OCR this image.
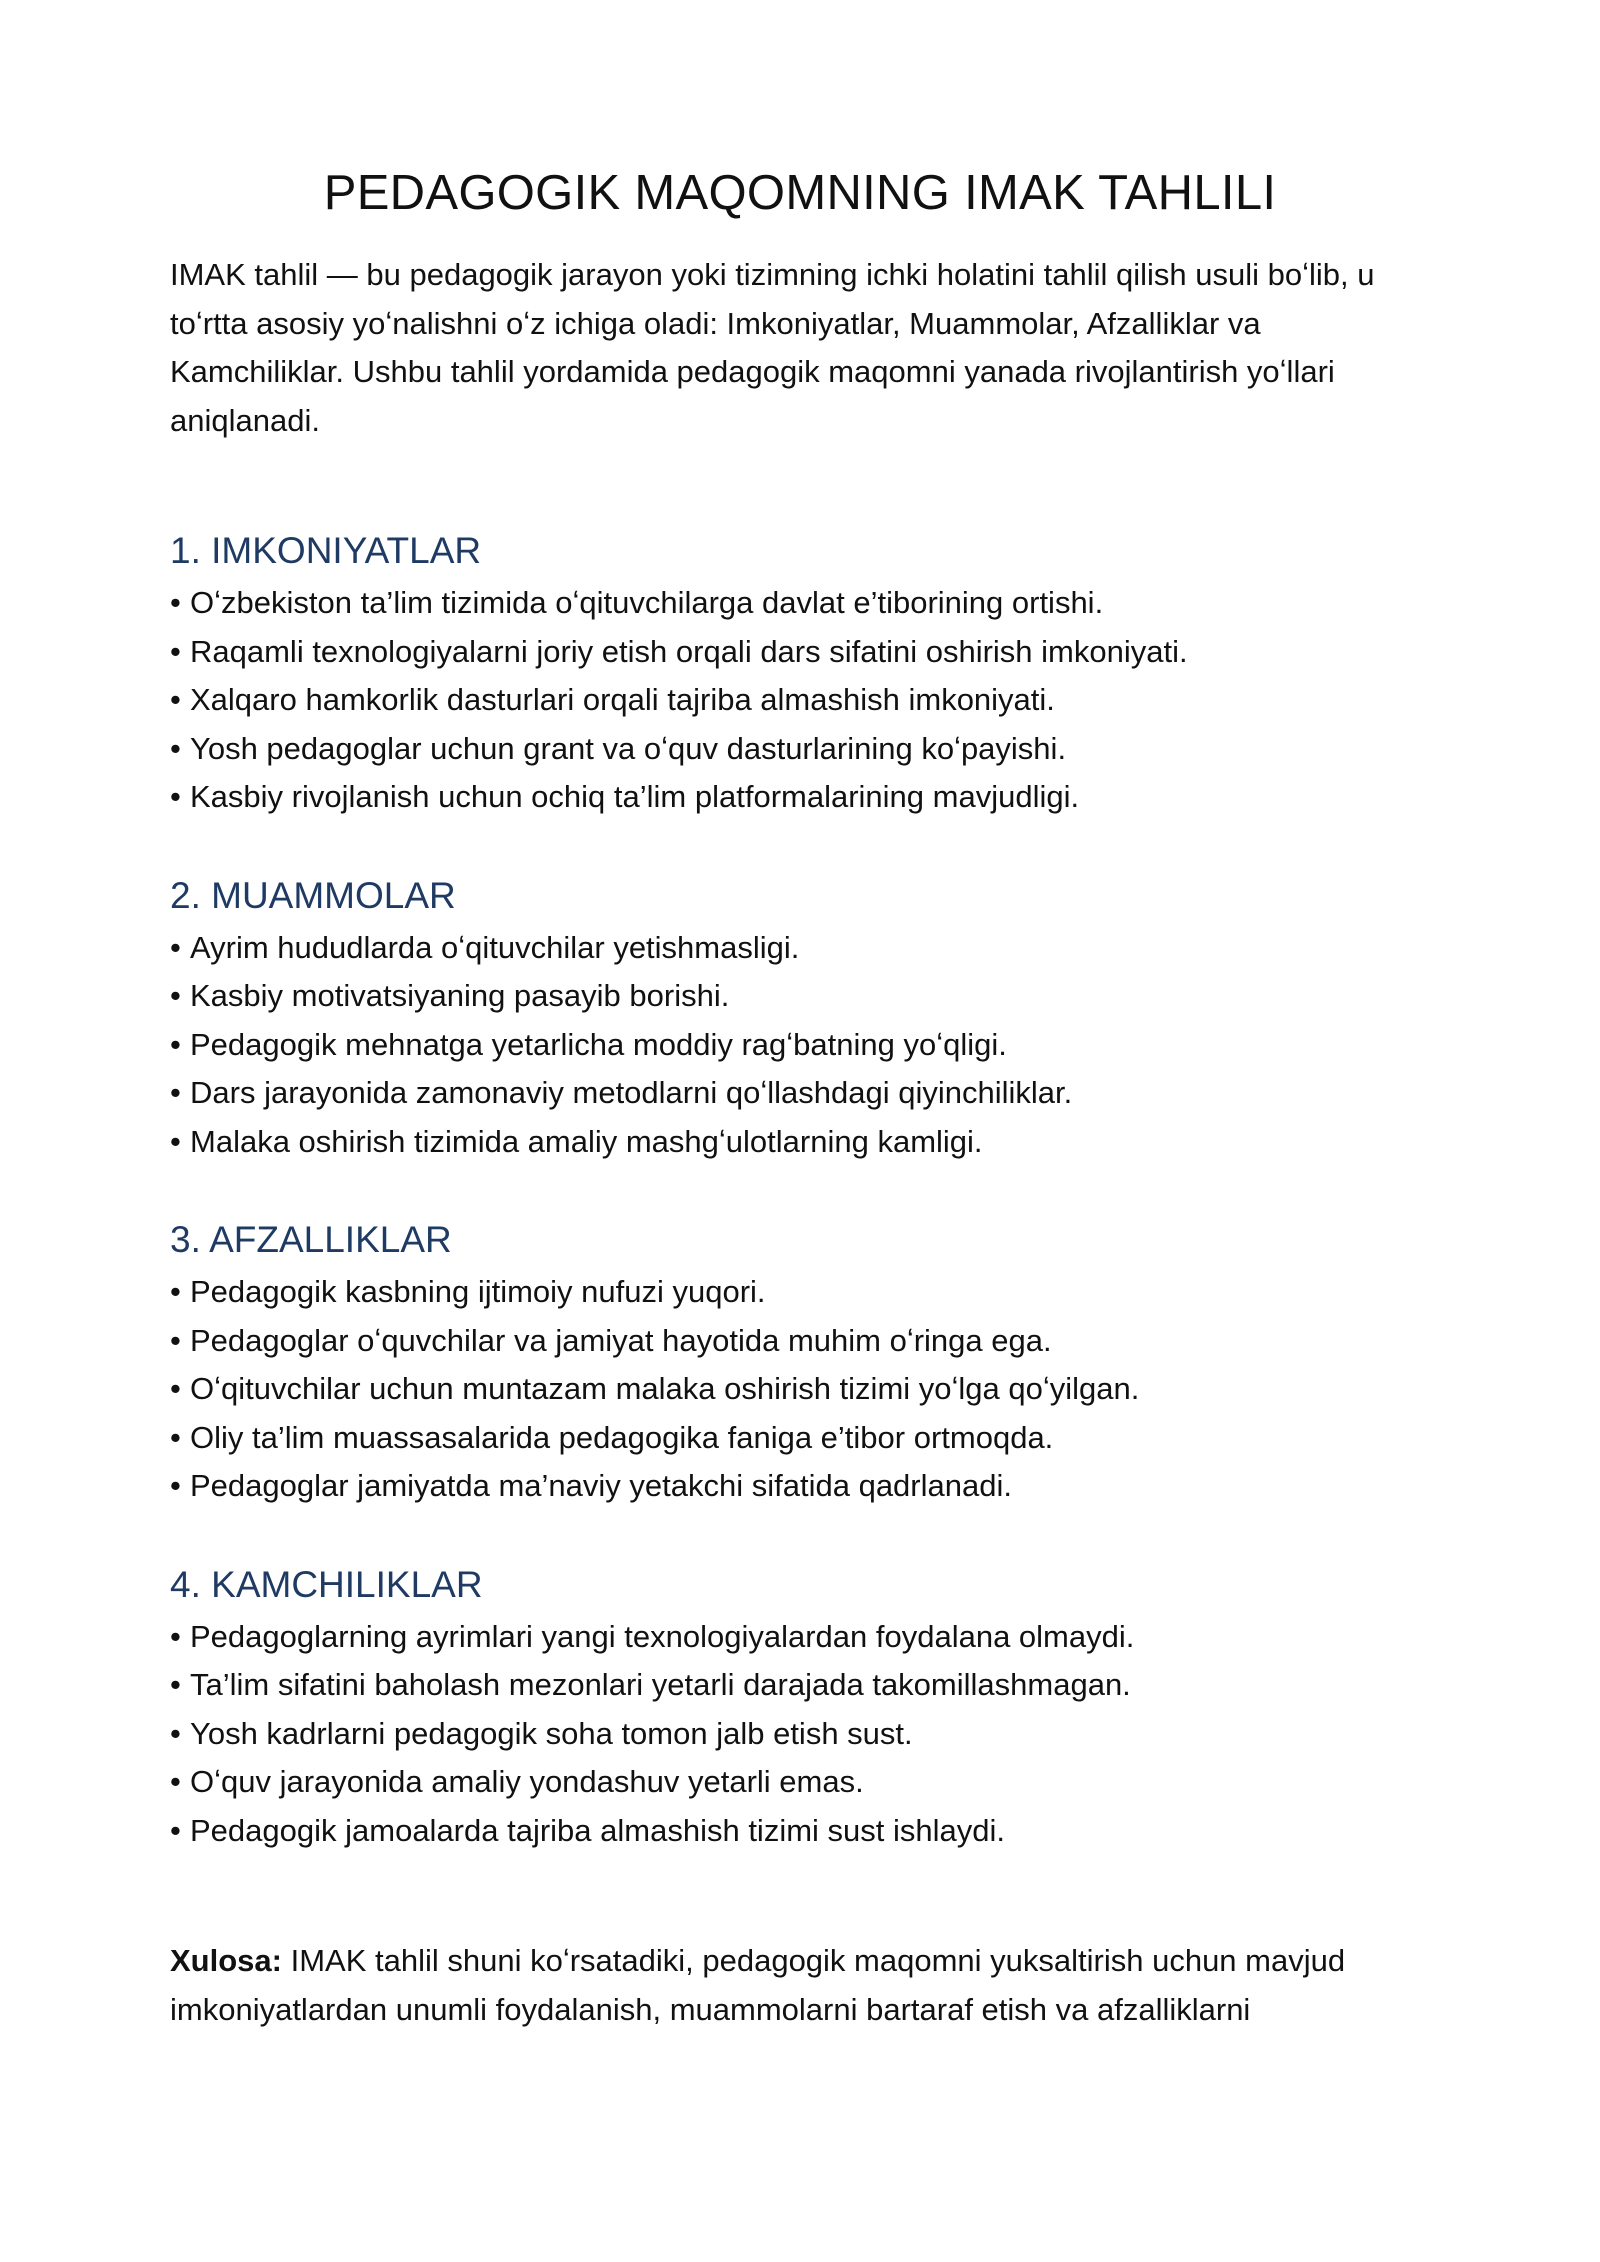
PEDAGOGIK MAQOMNING IMAK TAHLILI

IMAK tahlil — bu pedagogik jarayon yoki tizimning ichki holatini tahlil qilish usuli boʻlib, u toʻrtta asosiy yoʻnalishni oʻz ichiga oladi: Imkoniyatlar, Muammolar, Afzalliklar va Kamchiliklar. Ushbu tahlil yordamida pedagogik maqomni yanada rivojlantirish yoʻllari aniqlanadi.

1. IMKONIYATLAR
• Oʻzbekiston ta’lim tizimida oʻqituvchilarga davlat e’tiborining ortishi.
• Raqamli texnologiyalarni joriy etish orqali dars sifatini oshirish imkoniyati.
• Xalqaro hamkorlik dasturlari orqali tajriba almashish imkoniyati.
• Yosh pedagoglar uchun grant va oʻquv dasturlarining koʻpayishi.
• Kasbiy rivojlanish uchun ochiq ta’lim platformalarining mavjudligi.
2. MUAMMOLAR
• Ayrim hududlarda oʻqituvchilar yetishmasligi.
• Kasbiy motivatsiyaning pasayib borishi.
• Pedagogik mehnatga yetarlicha moddiy ragʻbatning yoʻqligi.
• Dars jarayonida zamonaviy metodlarni qoʻllashdagi qiyinchiliklar.
• Malaka oshirish tizimida amaliy mashgʻulotlarning kamligi.
3. AFZALLIKLAR
• Pedagogik kasbning ijtimoiy nufuzi yuqori.
• Pedagoglar oʻquvchilar va jamiyat hayotida muhim oʻringa ega.
• Oʻqituvchilar uchun muntazam malaka oshirish tizimi yoʻlga qoʻyilgan.
• Oliy ta’lim muassasalarida pedagogika faniga e’tibor ortmoqda.
• Pedagoglar jamiyatda ma’naviy yetakchi sifatida qadrlanadi.
4. KAMCHILIKLAR
• Pedagoglarning ayrimlari yangi texnologiyalardan foydalana olmaydi.
• Ta’lim sifatini baholash mezonlari yetarli darajada takomillashmagan.
• Yosh kadrlarni pedagogik soha tomon jalb etish sust.
• Oʻquv jarayonida amaliy yondashuv yetarli emas.
• Pedagogik jamoalarda tajriba almashish tizimi sust ishlaydi.

Xulosa: IMAK tahlil shuni koʻrsatadiki, pedagogik maqomni yuksaltirish uchun mavjud imkoniyatlardan unumli foydalanish, muammolarni bartaraf etish va afzalliklarni
